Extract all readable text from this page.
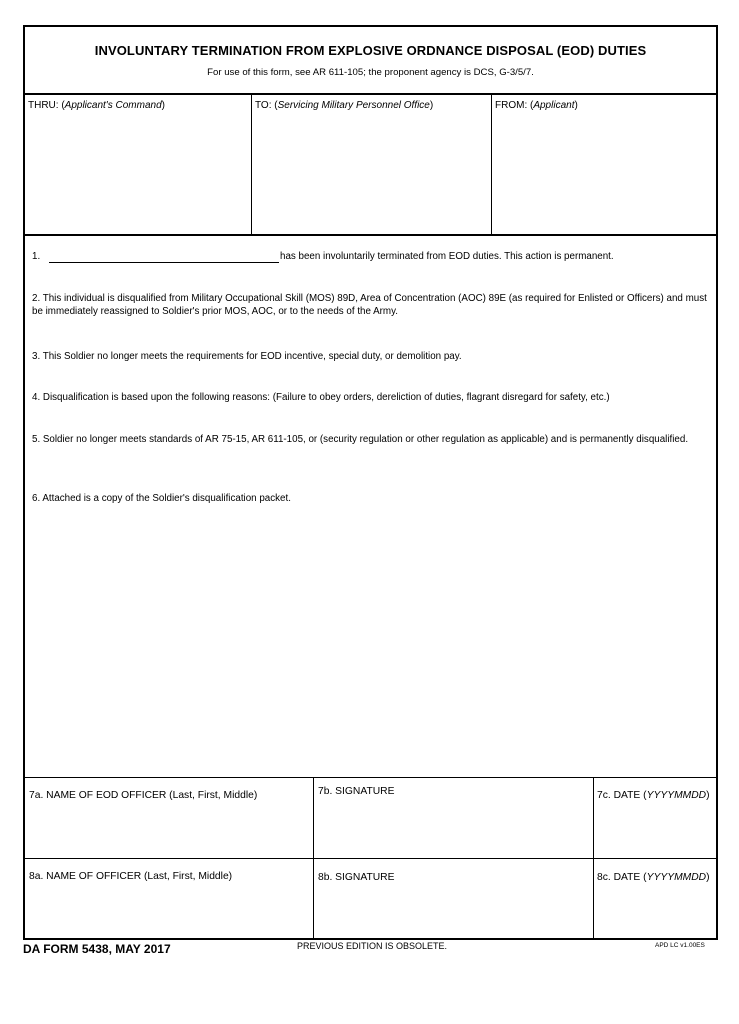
INVOLUNTARY TERMINATION FROM EXPLOSIVE ORDNANCE DISPOSAL (EOD) DUTIES
For use of this form, see AR 611-105; the proponent agency is DCS, G-3/5/7.
THRU: (Applicant's Command)	TO: (Servicing Military Personnel Office)	FROM: (Applicant)
1.	has been involuntarily terminated from EOD duties. This action is permanent.
2. This individual is disqualified from Military Occupational Skill (MOS) 89D, Area of Concentration (AOC) 89E (as required for Enlisted or Officers) and must be immediately reassigned to Soldier's prior MOS, AOC, or to the needs of the Army.
3. This Soldier no longer meets the requirements for EOD incentive, special duty, or demolition pay.
4. Disqualification is based upon the following reasons: (Failure to obey orders, dereliction of duties, flagrant disregard for safety, etc.)
5. Soldier no longer meets standards of AR 75-15, AR 611-105, or (security regulation or other regulation as applicable) and is permanently disqualified.
6. Attached is a copy of the Soldier's disqualification packet.
7a. NAME OF EOD OFFICER (Last, First, Middle)	7b. SIGNATURE	7c. DATE (YYYYMMDD)
8a. NAME OF OFFICER (Last, First, Middle)	8b. SIGNATURE	8c. DATE (YYYYMMDD)
DA FORM 5438, MAY 2017	PREVIOUS EDITION IS OBSOLETE.	APD LC v1.00ES
